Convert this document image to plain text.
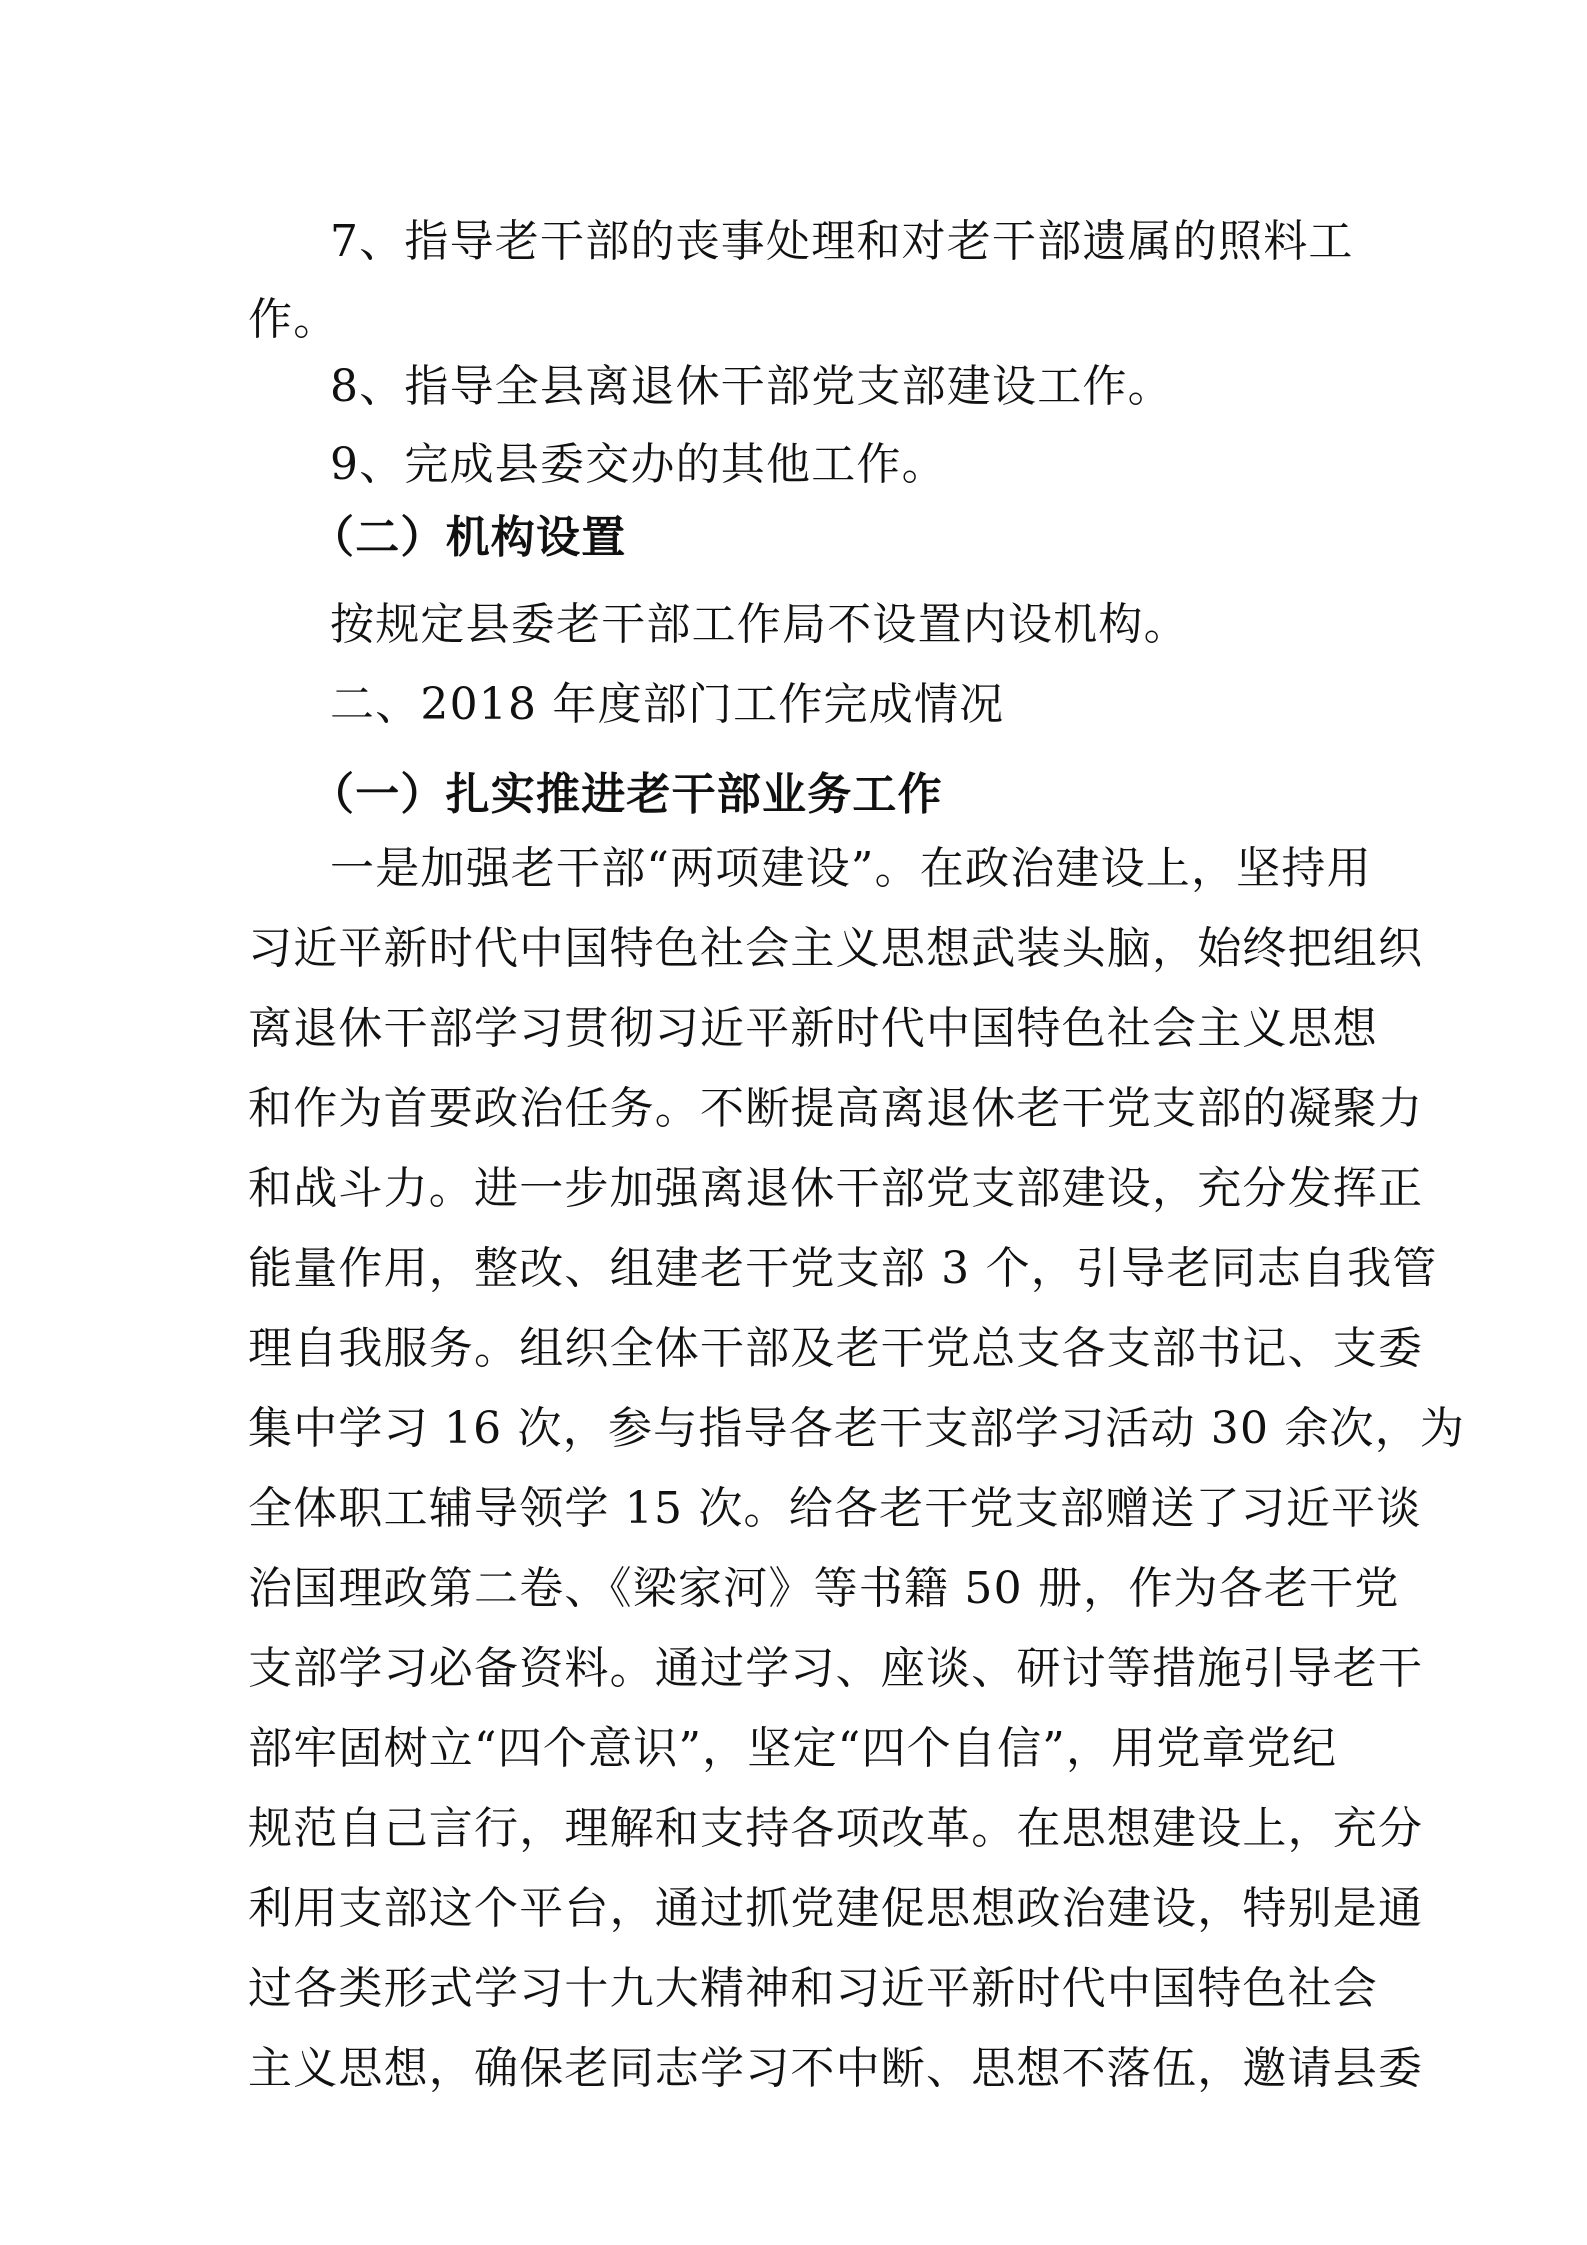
7、指导老干部的丧事处理和对老干部遗属的照料工
作。
8、指导全县离退休干部党支部建设工作。
9、完成县委交办的其他工作。
（二）机构设置
按规定县委老干部工作局不设置内设机构。
二、2018 年度部门工作完成情况
（一）扎实推进老干部业务工作
一是加强老干部“两项建设”。在政治建设上，坚持用
习近平新时代中国特色社会主义思想武装头脑，始终把组织
离退休干部学习贯彻习近平新时代中国特色社会主义思想
和作为首要政治任务。不断提高离退休老干党支部的凝聚力
和战斗力。进一步加强离退休干部党支部建设，充分发挥正
能量作用，整改、组建老干党支部 3 个，引导老同志自我管
理自我服务。组织全体干部及老干党总支各支部书记、支委
集中学习 16 次，参与指导各老干支部学习活动 30 余次，为
全体职工辅导领学 15 次。给各老干党支部赠送了习近平谈
治国理政第二卷、《梁家河》等书籍 50 册，作为各老干党
支部学习必备资料。通过学习、座谈、研讨等措施引导老干
部牢固树立“四个意识”，坚定“四个自信”，用党章党纪
规范自己言行，理解和支持各项改革。在思想建设上，充分
利用支部这个平台，通过抓党建促思想政治建设，特别是通
过各类形式学习十九大精神和习近平新时代中国特色社会
主义思想，确保老同志学习不中断、思想不落伍，邀请县委
